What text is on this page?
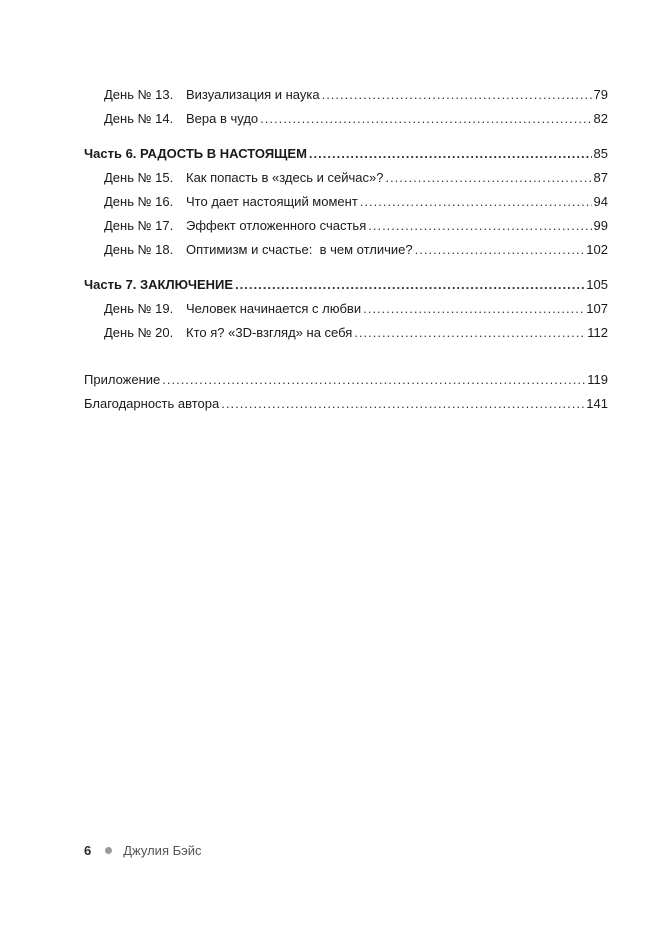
День № 13. Визуализация и наука .....	79
День № 14. Вера в чудо .....	82
Часть 6. РАДОСТЬ В НАСТОЯЩЕМ .....	85
День № 15. Как попасть в «здесь и сейчас»? .....	87
День № 16. Что дает настоящий момент .....	94
День № 17. Эффект отложенного счастья .....	99
День № 18. Оптимизм и счастье:  в чем отличие? .....	102
Часть 7. ЗАКЛЮЧЕНИЕ .....	105
День № 19. Человек начинается с любви .....	107
День № 20. Кто я? «3D-взгляд» на себя .....	112
Приложение .....	119
Благодарность автора .....	141
6 Джулия Бэйс
